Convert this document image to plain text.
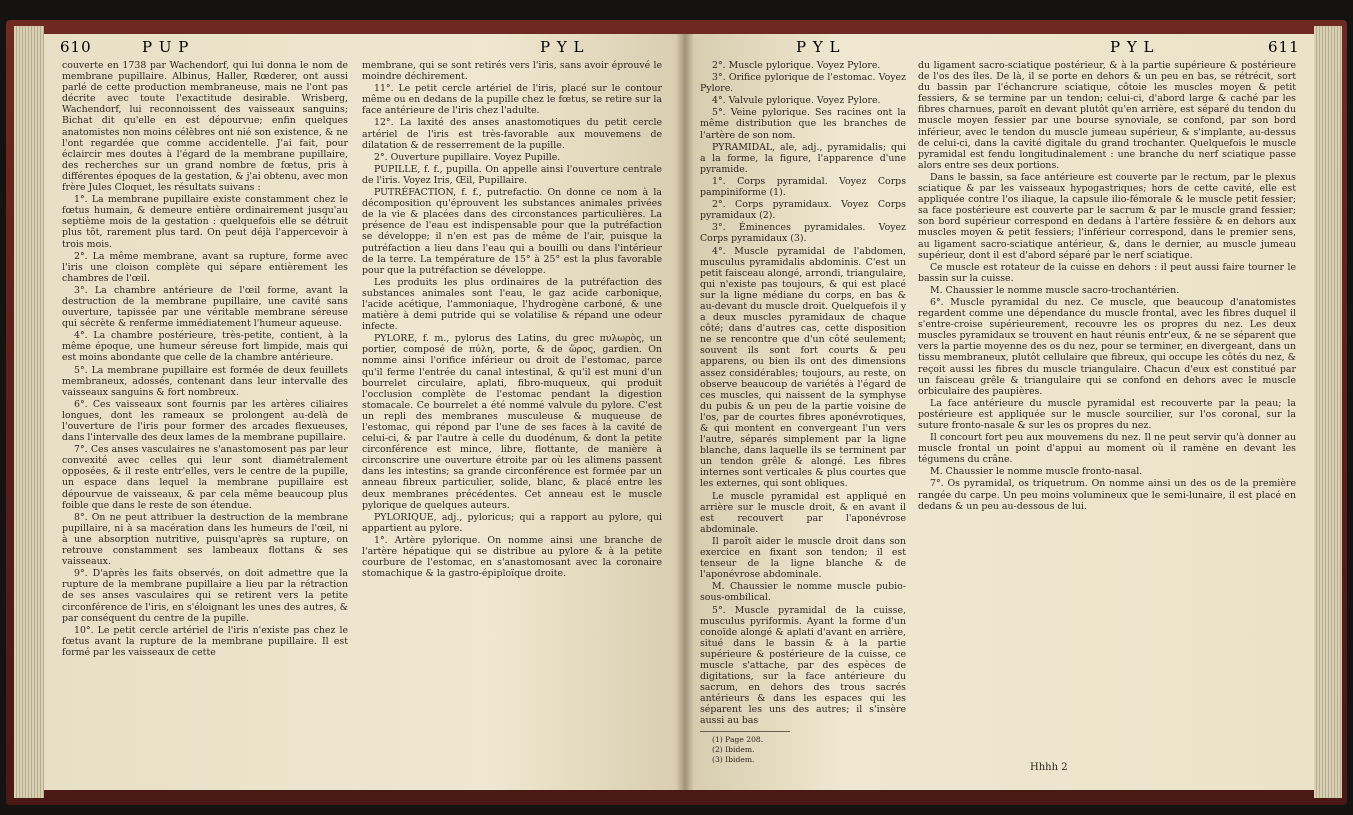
610	P U P	P Y L	P Y L	P Y L	611

couverte en 1738 par Wachendorf, qui lui donna le nom de membrane pupillaire. Albinus, Haller, Rœderer, ont aussi parlé de cette production membraneuse, mais ne l'ont pas décrite avec toute l'exactitude desirable. Wrisberg, Wachendorf, lui reconnoissent des vaisseaux sanguins; Bichat dit qu'elle en est dépourvue; enfin quelques anatomistes non moins célèbres ont nié son existence, & ne l'ont regardée que comme accidentelle. J'ai fait, pour éclaircir mes doutes à l'égard de la membrane pupillaire, des recherches sur un grand nombre de fœtus, pris à différentes époques de la gestation, & j'ai obtenu, avec mon frère Jules Cloquet, les résultats suivans :

1°. La membrane pupillaire existe constamment chez le fœtus humain, & demeure entière ordinairement jusqu'au septième mois de la gestation : quelquefois elle se détruit plus tôt, rarement plus tard. On peut déjà l'appercevoir à trois mois.

2°. La même membrane, avant sa rupture, forme avec l'iris une cloison complète qui sépare entièrement les chambres de l'œil.

3°. La chambre antérieure de l'œil forme, avant la destruction de la membrane pupillaire, une cavité sans ouverture, tapissée par une véritable membrane séreuse qui sécrète & renferme immédiatement l'humeur aqueuse.

4°. La chambre postérieure, très-petite, contient, à la même époque, une humeur séreuse fort limpide, mais qui est moins abondante que celle de la chambre antérieure.

5°. La membrane pupillaire est formée de deux feuillets membraneux, adossés, contenant dans leur intervalle des vaisseaux sanguins & fort nombreux.

6°. Ces vaisseaux sont fournis par les artères ciliaires longues, dont les rameaux se prolongent au-delà de l'ouverture de l'iris pour former des arcades flexueuses, dans l'intervalle des deux lames de la membrane pupillaire.

7°. Ces anses vasculaires ne s'anastomosent pas par leur convexité avec celles qui leur sont diamétralement opposées, & il reste entr'elles, vers le centre de la pupille, un espace dans lequel la membrane pupillaire est dépourvue de vaisseaux, & par cela même beaucoup plus foible que dans le reste de son étendue.

8°. On ne peut attribuer la destruction de la membrane pupillaire, ni à sa macération dans les humeurs de l'œil, ni à une absorption nutritive, puisqu'après sa rupture, on retrouve constamment ses lambeaux flottans & ses vaisseaux.

9°. D'après les faits observés, on doit admettre que la rupture de la membrane pupillaire a lieu par la rétraction de ses anses vasculaires qui se retirent vers la petite circonférence de l'iris, en s'éloignant les unes des autres, & par conséquent du centre de la pupille.

10°. Le petit cercle artériel de l'iris n'existe pas chez le fœtus avant la rupture de la membrane pupillaire. Il est formé par les vaisseaux de cette

membrane, qui se sont retirés vers l'iris, sans avoir éprouvé le moindre déchirement.

11°. Le petit cercle artériel de l'iris, placé sur le contour même ou en dedans de la pupille chez le fœtus, se retire sur la face antérieure de l'iris chez l'adulte.

12°. La laxité des anses anastomotiques du petit cercle artériel de l'iris est très-favorable aux mouvemens de dilatation & de resserrement de la pupille.

2°. Ouverture pupillaire. Voyez Pupille.

PUPILLE, f. f., pupilla. On appelle ainsi l'ouverture centrale de l'iris. Voyez Iris, Œil, Pupillaire.

PUTRÉFACTION, f. f., putrefactio. On donne ce nom à la décomposition qu'éprouvent les substances animales privées de la vie & placées dans des circonstances particulières. La présence de l'eau est indispensable pour que la putréfaction se développe; il n'en est pas de même de l'air, puisque la putréfaction a lieu dans l'eau qui a bouilli ou dans l'intérieur de la terre. La température de 15° à 25° est la plus favorable pour que la putréfaction se développe.

Les produits les plus ordinaires de la putréfaction des substances animales sont l'eau, le gaz acide carbonique, l'acide acétique, l'ammoniaque, l'hydrogène carboné, & une matière à demi putride qui se volatilise & répand une odeur infecte.

PYLORE, f. m., pylorus des Latins, du grec πυλωρὸς, un portier, composé de πύλη, porte, & de ὥρος, gardien. On nomme ainsi l'orifice inférieur ou droit de l'estomac, parce qu'il ferme l'entrée du canal intestinal, & qu'il est muni d'un bourrelet circulaire, aplati, fibro-muqueux, qui produit l'occlusion complète de l'estomac pendant la digestion stomacale. Ce bourrelet a été nommé valvule du pylore. C'est un repli des membranes musculeuse & muqueuse de l'estomac, qui répond par l'une de ses faces à la cavité de celui-ci, & par l'autre à celle du duodénum, & dont la petite circonférence est mince, libre, flottante, de manière à circonscrire une ouverture étroite par où les alimens passent dans les intestins; sa grande circonférence est formée par un anneau fibreux particulier, solide, blanc, & placé entre les deux membranes précédentes. Cet anneau est le muscle pylorique de quelques auteurs.

PYLORIQUE, adj., pyloricus; qui a rapport au pylore, qui appartient au pylore.

1°. Artère pylorique. On nomme ainsi une branche de l'artère hépatique qui se distribue au pylore & à la petite courbure de l'estomac, en s'anastomosant avec la coronaire stomachique & la gastro-épiploïque droite.

2°. Muscle pylorique. Voyez Pylore.

3°. Orifice pylorique de l'estomac. Voyez Pylore.

4°. Valvule pylorique. Voyez Pylore.

5°. Veine pylorique. Ses racines ont la même distribution que les branches de l'artère de son nom.

PYRAMIDAL, ale, adj., pyramidalis; qui a la forme, la figure, l'apparence d'une pyramide.

1°. Corps pyramidal. Voyez Corps pampiniforme (1).

2°. Corps pyramidaux. Voyez Corps pyramidaux (2).

3°. Éminences pyramidales. Voyez Corps pyramidaux (3).

4°. Muscle pyramidal de l'abdomen, musculus pyramidalis abdominis. C'est un petit faisceau alongé, arrondi, triangulaire, qui n'existe pas toujours, & qui est placé sur la ligne médiane du corps, en bas & au-devant du muscle droit. Quelquefois il y a deux muscles pyramidaux de chaque côté; dans d'autres cas, cette disposition ne se rencontre que d'un côté seulement; souvent ils sont fort courts & peu apparens, ou bien ils ont des dimensions assez considérables; toujours, au reste, on observe beaucoup de variétés à l'égard de ces muscles, qui naissent de la symphyse du pubis & un peu de la partie voisine de l'os, par de courtes fibres aponévrotiques, & qui montent en convergeant l'un vers l'autre, séparés simplement par la ligne blanche, dans laquelle ils se terminent par un tendon grêle & alongé. Les fibres internes sont verticales & plus courtes que les externes, qui sont obliques.

Le muscle pyramidal est appliqué en arrière sur le muscle droit, & en avant il est recouvert par l'aponévrose abdominale.

Il paroît aider le muscle droit dans son exercice en fixant son tendon; il est tenseur de la ligne blanche & de l'aponévrose abdominale.

M. Chaussier le nomme muscle pubio-sous-ombilical.

5°. Muscle pyramidal de la cuisse, musculus pyriformis. Ayant la forme d'un conoïde alongé & aplati d'avant en arrière, situé dans le bassin & à la partie supérieure & postérieure de la cuisse, ce muscle s'attache, par des espèces de digitations, sur la face antérieure du sacrum, en dehors des trous sacrés antérieurs & dans les espaces qui les séparent les uns des autres; il s'insère aussi au bas

(1) Page 208.

(2) Ibidem.

(3) Ibidem.

du ligament sacro-sciatique postérieur, & à la partie supérieure & postérieure de l'os des îles. De là, il se porte en dehors & un peu en bas, se rétrécit, sort du bassin par l'échancrure sciatique, côtoie les muscles moyen & petit fessiers, & se termine par un tendon; celui-ci, d'abord large & caché par les fibres charnues, paroît en devant plutôt qu'en arrière, est séparé du tendon du muscle moyen fessier par une bourse synoviale, se confond, par son bord inférieur, avec le tendon du muscle jumeau supérieur, & s'implante, au-dessus de celui-ci, dans la cavité digitale du grand trochanter. Quelquefois le muscle pyramidal est fendu longitudinalement : une branche du nerf sciatique passe alors entre ses deux portions.

Dans le bassin, sa face antérieure est couverte par le rectum, par le plexus sciatique & par les vaisseaux hypogastriques; hors de cette cavité, elle est appliquée contre l'os iliaque, la capsule ilio-fémorale & le muscle petit fessier; sa face postérieure est couverte par le sacrum & par le muscle grand fessier; son bord supérieur correspond en dedans à l'artère fessière & en dehors aux muscles moyen & petit fessiers; l'inférieur correspond, dans le premier sens, au ligament sacro-sciatique antérieur, &, dans le dernier, au muscle jumeau supérieur, dont il est d'abord séparé par le nerf sciatique.

Ce muscle est rotateur de la cuisse en dehors : il peut aussi faire tourner le bassin sur la cuisse.

M. Chaussier le nomme muscle sacro-trochantérien.

6°. Muscle pyramidal du nez. Ce muscle, que beaucoup d'anatomistes regardent comme une dépendance du muscle frontal, avec les fibres duquel il s'entre-croise supérieurement, recouvre les os propres du nez. Les deux muscles pyramidaux se trouvent en haut réunis entr'eux, & ne se séparent que vers la partie moyenne des os du nez, pour se terminer, en divergeant, dans un tissu membraneux, plutôt cellulaire que fibreux, qui occupe les côtés du nez, & reçoit aussi les fibres du muscle triangulaire. Chacun d'eux est constitué par un faisceau grêle & triangulaire qui se confond en dehors avec le muscle orbiculaire des paupières.

La face antérieure du muscle pyramidal est recouverte par la peau; la postérieure est appliquée sur le muscle sourcilier, sur l'os coronal, sur la suture fronto-nasale & sur les os propres du nez.

Il concourt fort peu aux mouvemens du nez. Il ne peut servir qu'à donner au muscle frontal un point d'appui au moment où il ramène en devant les tégumens du crâne.

M. Chaussier le nomme muscle fronto-nasal.

7°. Os pyramidal, os triquetrum. On nomme ainsi un des os de la première rangée du carpe. Un peu moins volumineux que le semi-lunaire, il est placé en dedans & un peu au-dessous de lui.

Hhhh 2
